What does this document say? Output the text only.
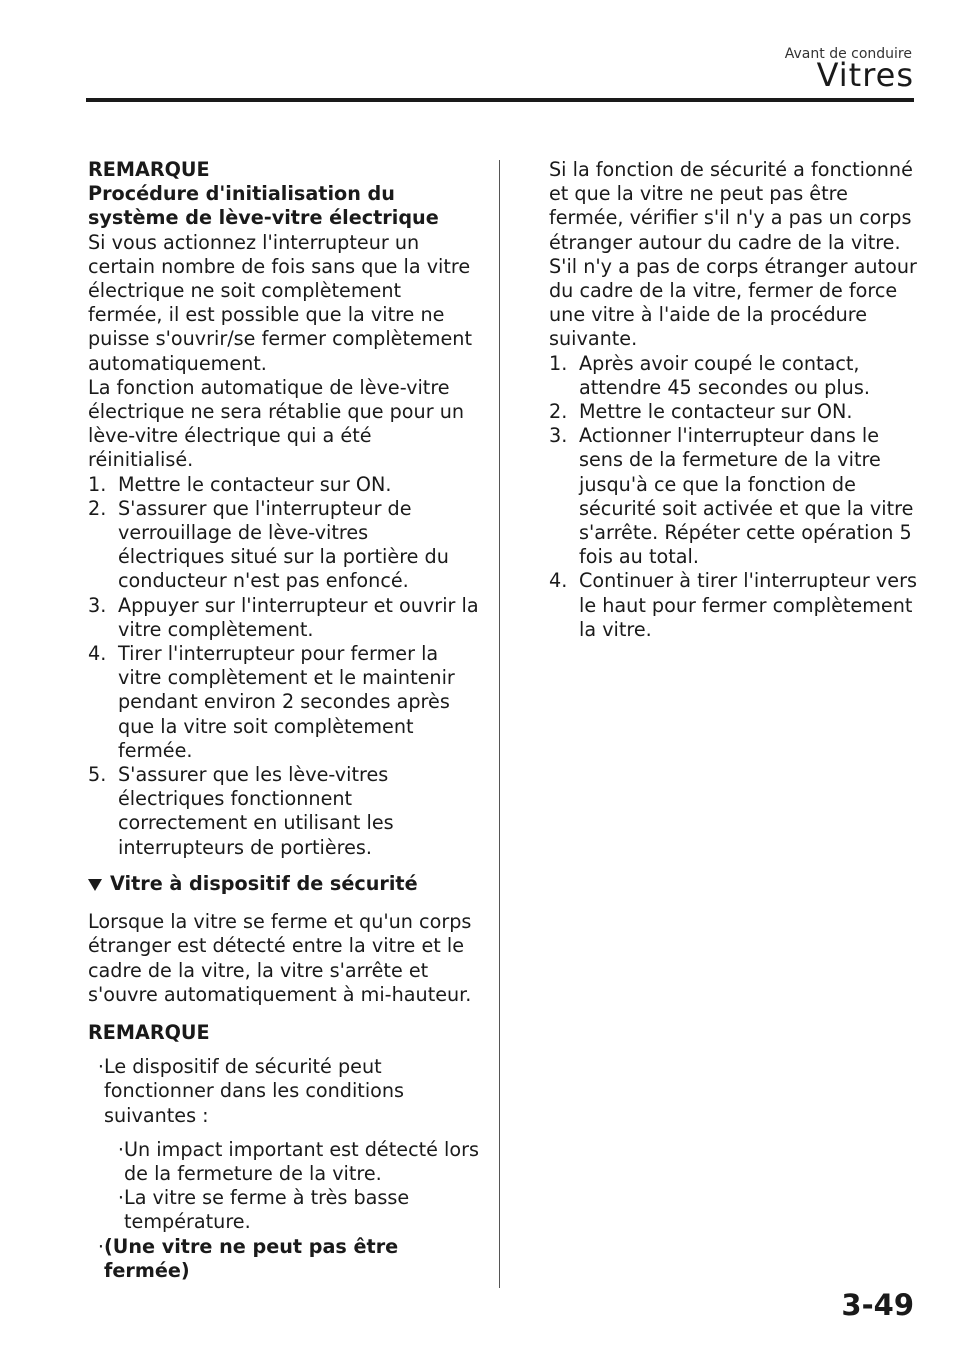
Avant de conduire
Vitres

REMARQUE

Procédure d'initialisation du système de lève-vitre électrique

Si vous actionnez l'interrupteur un certain nombre de fois sans que la vitre électrique ne soit complètement fermée, il est possible que la vitre ne puisse s'ouvrir/se fermer complètement automatiquement.

La fonction automatique de lève-vitre électrique ne sera rétablie que pour un lève-vitre électrique qui a été réinitialisé.

1. Mettre le contacteur sur ON.
2. S'assurer que l'interrupteur de verrouillage de lève-vitres électriques situé sur la portière du conducteur n'est pas enfoncé.
3. Appuyer sur l'interrupteur et ouvrir la vitre complètement.
4. Tirer l'interrupteur pour fermer la vitre complètement et le maintenir pendant environ 2 secondes après que la vitre soit complètement fermée.
5. S'assurer que les lève-vitres électriques fonctionnent correctement en utilisant les interrupteurs de portières.
Vitre à dispositif de sécurité

Lorsque la vitre se ferme et qu'un corps étranger est détecté entre la vitre et le cadre de la vitre, la vitre s'arrête et s'ouvre automatiquement à mi-hauteur.

REMARQUE

·
Le dispositif de sécurité peut fonctionner dans les conditions suivantes :
·
Un impact important est détecté lors de la fermeture de la vitre.
·
La vitre se ferme à très basse température.
·
(Une vitre ne peut pas être fermée)

Si la fonction de sécurité a fonctionné et que la vitre ne peut pas être fermée, vérifier s'il n'y a pas un corps étranger autour du cadre de la vitre.

S'il n'y a pas de corps étranger autour du cadre de la vitre, fermer de force une vitre à l'aide de la procédure suivante.

1. Après avoir coupé le contact, attendre 45 secondes ou plus.
2. Mettre le contacteur sur ON.
3. Actionner l'interrupteur dans le sens de la fermeture de la vitre jusqu'à ce que la fonction de sécurité soit activée et que la vitre s'arrête. Répéter cette opération 5 fois au total.
4. Continuer à tirer l'interrupteur vers le haut pour fermer complètement la vitre.
3-49
